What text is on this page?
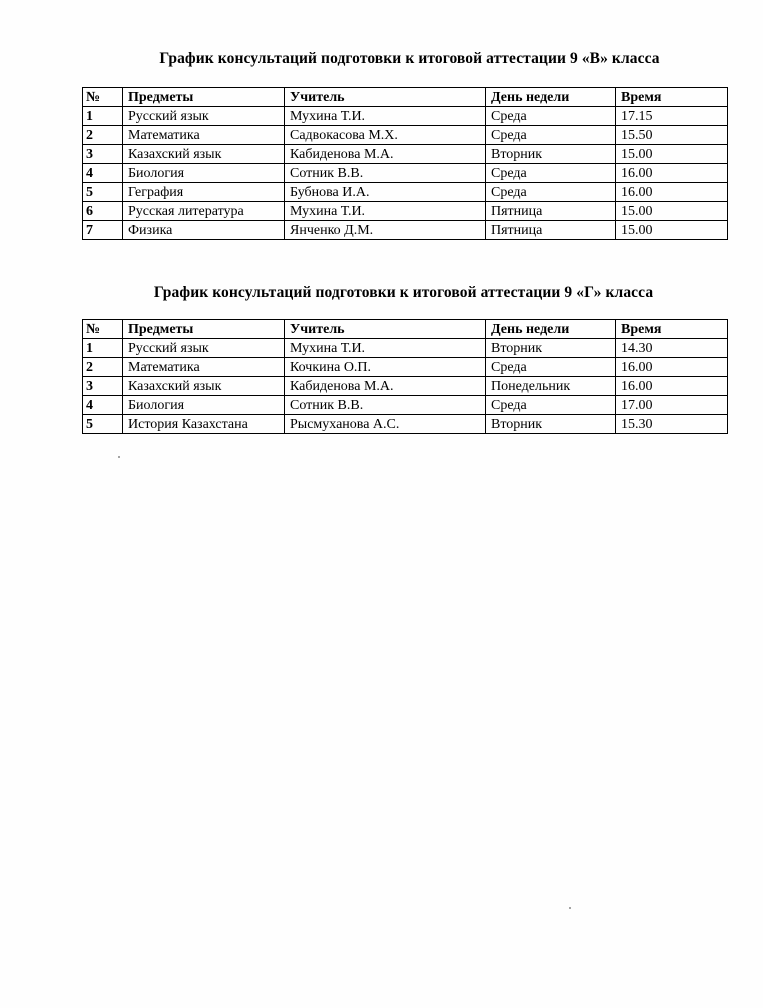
График консультаций подготовки к итоговой аттестации 9 «В» класса
№	Предметы	Учитель	День недели	Время
1	Русский язык	Мухина Т.И.	Среда	17.15
2	Математика	Садвокасова М.Х.	Среда	15.50
3	Казахский язык	Кабиденова М.А.	Вторник	15.00
4	Биология	Сотник В.В.	Среда	16.00
5	Геграфия	Бубнова И.А.	Среда	16.00
6	Русская литература	Мухина Т.И.	Пятница	15.00
7	Физика	Янченко Д.М.	Пятница	15.00
График консультаций подготовки к итоговой аттестации 9 «Г» класса
№	Предметы	Учитель	День недели	Время
1	Русский язык	Мухина Т.И.	Вторник	14.30
2	Математика	Кочкина О.П.	Среда	16.00
3	Казахский язык	Кабиденова М.А.	Понедельник	16.00
4	Биология	Сотник В.В.	Среда	17.00
5	История Казахстана	Рысмуханова А.С.	Вторник	15.30
